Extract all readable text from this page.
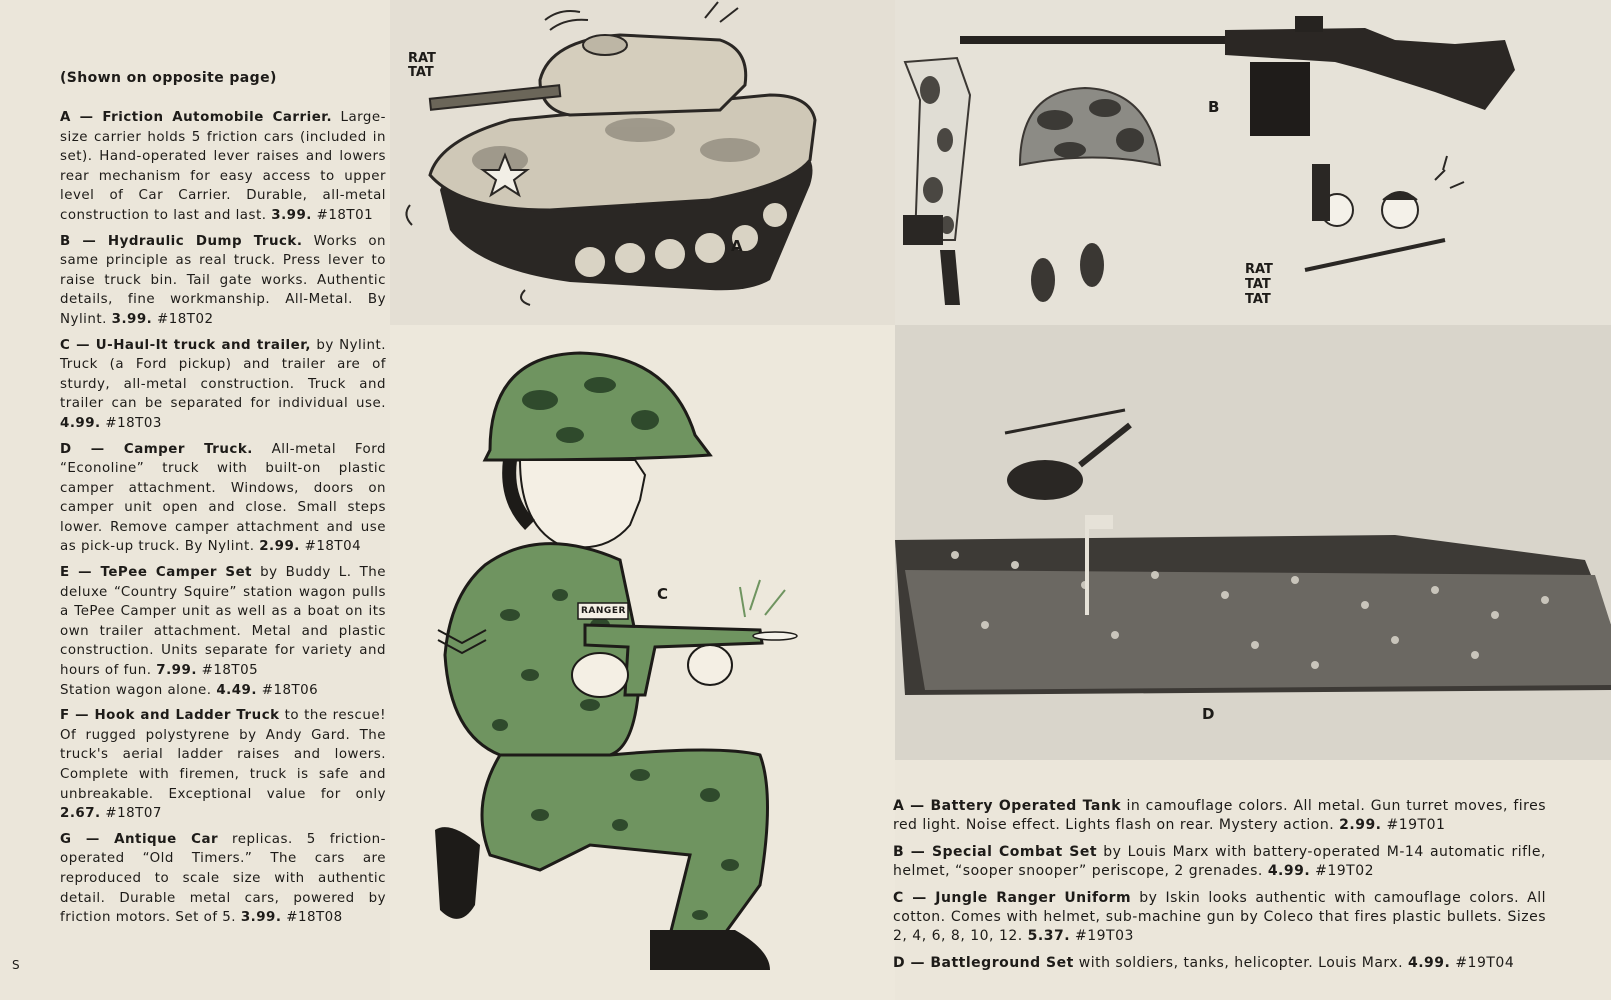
(Shown on opposite page)

A — Friction Automobile Carrier. Large-size carrier holds 5 friction cars (included in set). Hand-operated lever raises and lowers rear mechanism for easy access to upper level of Car Carrier. Durable, all-metal construction to last and last. 3.99. #18T01

B — Hydraulic Dump Truck. Works on same principle as real truck. Press lever to raise truck bin. Tail gate works. Authentic details, fine workmanship. All-Metal. By Nylint. 3.99. #18T02

C — U-Haul-It truck and trailer, by Nylint. Truck (a Ford pickup) and trailer are of sturdy, all-metal construction. Truck and trailer can be separated for individual use. 4.99. #18T03

D — Camper Truck. All-metal Ford “Econoline” truck with built-on plastic camper attachment. Windows, doors on camper unit open and close. Small steps lower. Remove camper attachment and use as pick-up truck. By Nylint. 2.99. #18T04

E — TePee Camper Set by Buddy L. The deluxe “Country Squire” station wagon pulls a TePee Camper unit as well as a boat on its own trailer attachment. Metal and plastic construction. Units separate for variety and hours of fun. 7.99. #18T05
Station wagon alone. 4.49. #18T06

F — Hook and Ladder Truck to the rescue! Of rugged polystyrene by Andy Gard. The truck's aerial ladder raises and lowers. Complete with firemen, truck is safe and unbreakable. Exceptional value for only 2.67. #18T07

G — Antique Car replicas. 5 friction-operated “Old Timers.” The cars are reproduced to scale size with authentic detail. Durable metal cars, powered by friction motors. Set of 5. 3.99. #18T08

S
RAT TAT
A
B
RAT TAT TAT
RANGER
C
D

A — Battery Operated Tank in camouflage colors. All metal. Gun turret moves, fires red light. Noise effect. Lights flash on rear. Mystery action. 2.99. #19T01

B — Special Combat Set by Louis Marx with battery-operated M-14 automatic rifle, helmet, “sooper snooper” periscope, 2 grenades. 4.99. #19T02

C — Jungle Ranger Uniform by Iskin looks authentic with camouflage colors. All cotton. Comes with helmet, sub-machine gun by Coleco that fires plastic bullets. Sizes 2, 4, 6, 8, 10, 12. 5.37. #19T03

D — Battleground Set with soldiers, tanks, helicopter. Louis Marx. 4.99. #19T04
